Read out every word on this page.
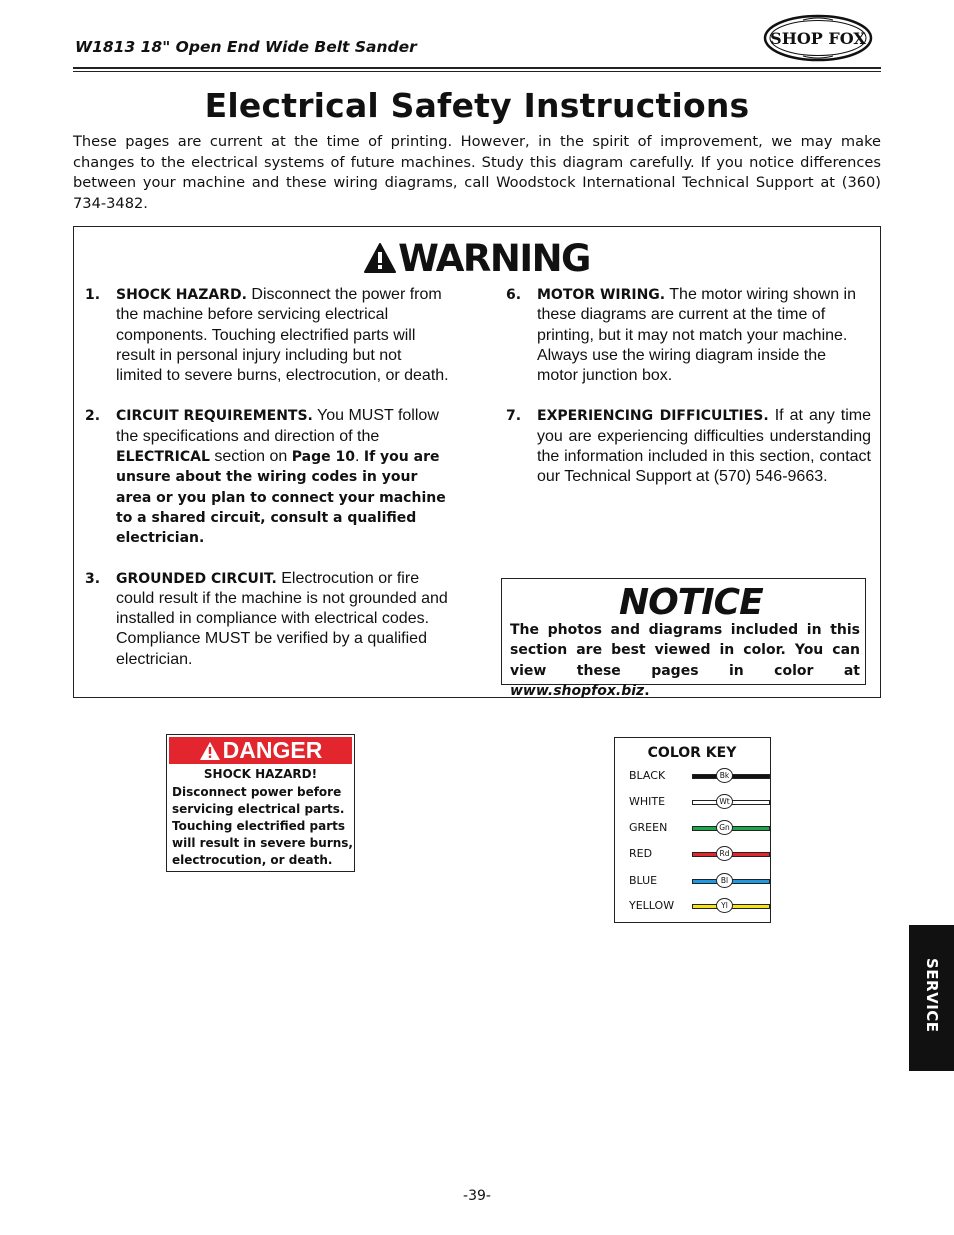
W1813 18" Open End Wide Belt Sander	SHOP FOX
Electrical Safety Instructions

These pages are current at the time of printing. However, in the spirit of improvement, we may make changes to the electrical systems of future machines. Study this diagram carefully. If you notice differences between your machine and these wiring diagrams, call Woodstock International Technical Support at (360) 734-3482.

WARNING
1.	SHOCK HAZARD. Disconnect the power from the machine before servicing electrical components. Touching electrified parts will result in personal injury including but not limited to severe burns, electrocution, or death.
2.	CIRCUIT REQUIREMENTS. You MUST follow the specifications and direction of the ELECTRICAL section on Page 10. If you are unsure about the wiring codes in your area or you plan to connect your machine to a shared circuit, consult a qualified electrician.
3.	GROUNDED CIRCUIT. Electrocution or fire could result if the machine is not grounded and installed in compliance with electrical codes. Compliance MUST be verified by a qualified electrician.
6.	MOTOR WIRING. The motor wiring shown in these diagrams are current at the time of printing, but it may not match your machine. Always use the wiring diagram inside the motor junction box.
7.	EXPERIENCING DIFFICULTIES. If at any time you are experiencing difficulties understanding the information included in this section, contact our Technical Support at (570) 546-9663.
NOTICE
The photos and diagrams included in this section are best viewed in color. You can view these pages in color at www.shopfox.biz.
DANGER
SHOCK HAZARD!
Disconnect power before servicing electrical parts. Touching electrified parts will result in severe burns, electrocution, or death.
COLOR KEY
BLACK	Bk
WHITE	Wt
GREEN	Gn
RED	Rd
BLUE	Bl
YELLOW	Yl
SERVICE
-39-
